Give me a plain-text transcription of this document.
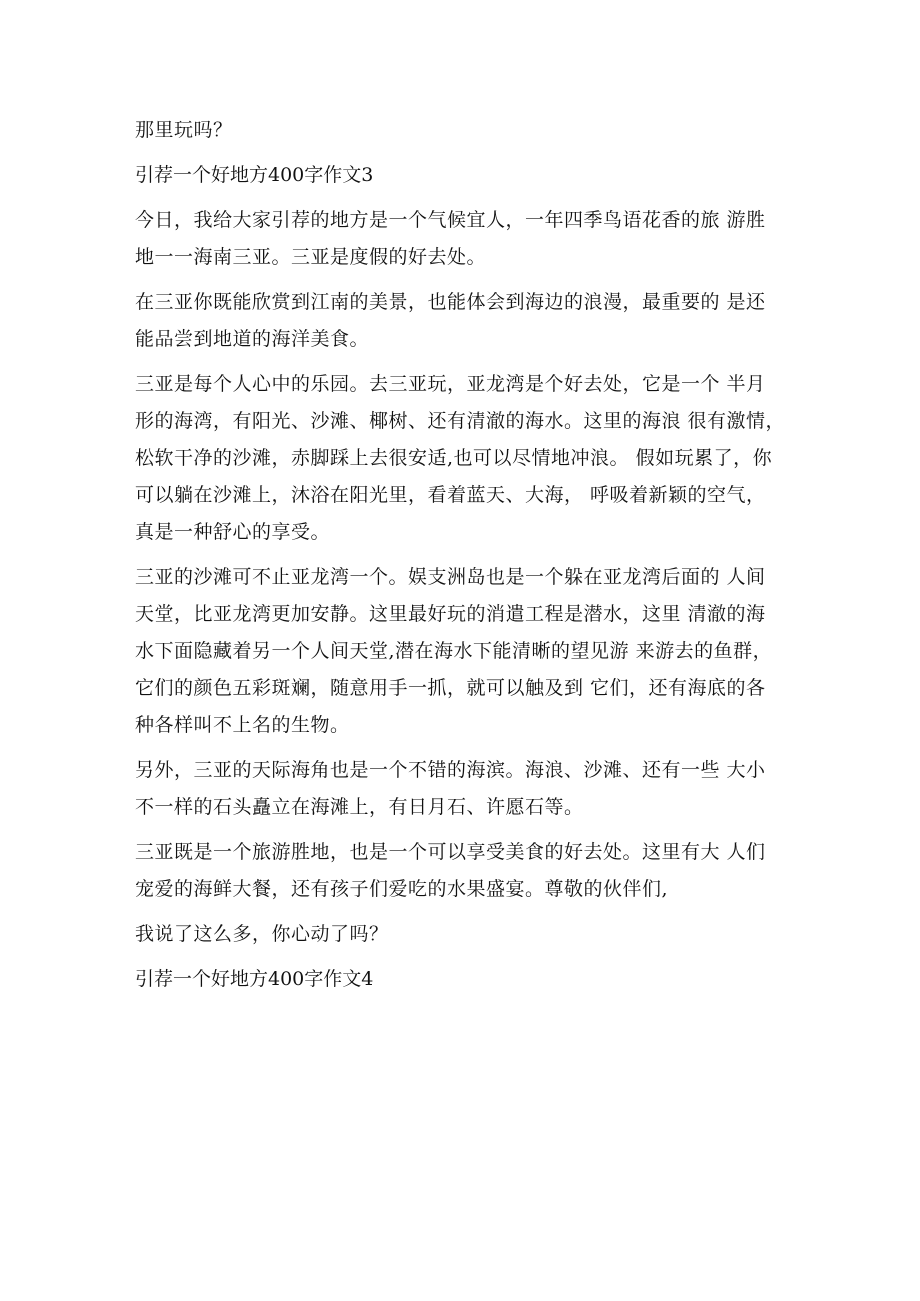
那里玩吗？
引荐一个好地方400字作文3
今日，我给大家引荐的地方是一个气候宜人，一年四季鸟语花香的旅 游胜
地一一海南三亚。三亚是度假的好去处。
在三亚你既能欣赏到江南的美景，也能体会到海边的浪漫，最重要的 是还
能品尝到地道的海洋美食。
三亚是每个人心中的乐园。去三亚玩，亚龙湾是个好去处，它是一个 半月
形的海湾，有阳光、沙滩、椰树、还有清澈的海水。这里的海浪 很有激情，
松软干净的沙滩，赤脚踩上去很安适,也可以尽情地冲浪。 假如玩累了，你
可以躺在沙滩上，沐浴在阳光里，看着蓝天、大海， 呼吸着新颖的空气，
真是一种舒心的享受。
三亚的沙滩可不止亚龙湾一个。娱支洲岛也是一个躲在亚龙湾后面的 人间
天堂，比亚龙湾更加安静。这里最好玩的消遣工程是潜水，这里 清澈的海
水下面隐藏着另一个人间天堂,潜在海水下能清晰的望见游 来游去的鱼群，
它们的颜色五彩斑斓，随意用手一抓，就可以触及到 它们，还有海底的各
种各样叫不上名的生物。
另外，三亚的天际海角也是一个不错的海滨。海浪、沙滩、还有一些 大小
不一样的石头矗立在海滩上，有日月石、许愿石等。
三亚既是一个旅游胜地，也是一个可以享受美食的好去处。这里有大 人们
宠爱的海鲜大餐，还有孩子们爱吃的水果盛宴。尊敬的伙伴们,
我说了这么多，你心动了吗？
引荐一个好地方400字作文4
